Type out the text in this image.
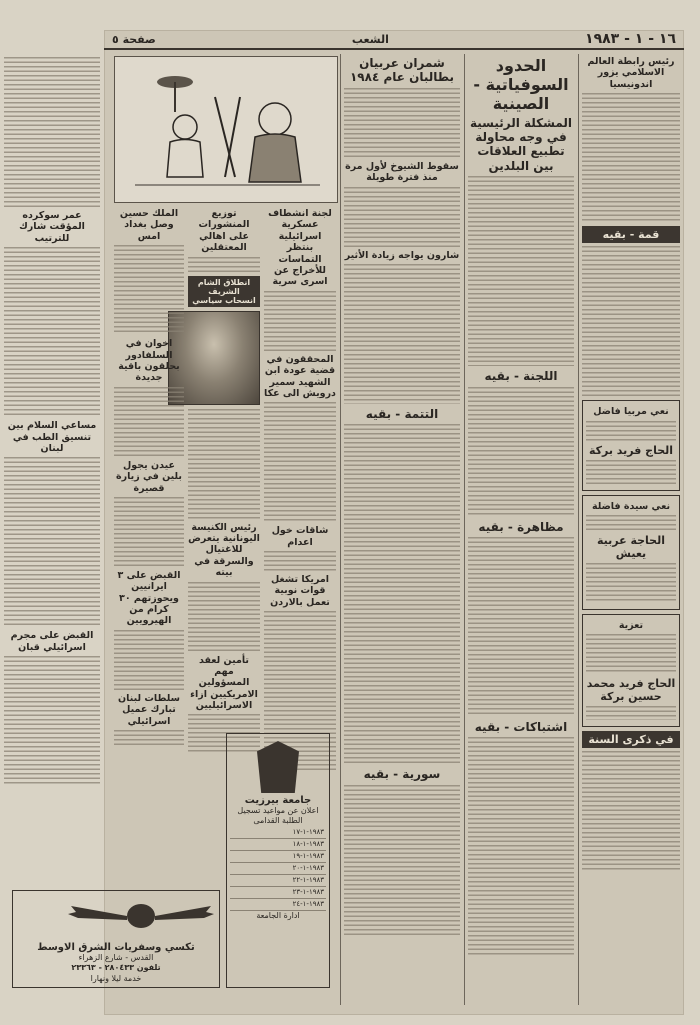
١٦ - ١ - ١٩٨٣
الشعب
صفحة ٥
رئيس رابطة العالم الاسلامي يزور اندونيسيا
قمة - بقيه
نعي مربيا فاضل
الحاج فريد بركة
نعي سيدة فاضلة
الحاجة عربية يعيش
تعزية
الحاج فريد محمد حسين بركة
في ذكرى السنة
الحدود السوفياتية - الصينية
المشكلة الرئيسية في وجه محاولة تطبيع العلاقات بين البلدين
اللجنة - بقيه
مظاهرة - بقيه
اشتباكات - بقيه
شمران عربيان بطالبان عام ١٩٨٤
سقوط الشيوخ لأول مرة منذ فترة طويلة
شارون يواجه زيادة الأثير
التتمة - بقيه
سورية - بقيه
لجنة انشطاف عسكرية اسرائيلية بنتظر التماسات للأخراج عن اسرى سرية
المحققون في قضية عودة ابن الشهيد سمير درويش الى عكا
شاقات خول اعدام
امريكا تشغل قوات نوبية تعمل بالاردن
توزيع المنشورات على اهالي المعتقلين
انطلاق الشام الشريف انسحاب سياسي
رئيس الكنيسة اليونانية يتعرض للاغتيال والسرقة في بيته
تأمين لعقد مهم المسؤولين الامريكيين ازاء الاسرائيليين
الملك حسين وصل بغداد امس
اخوان في السلفادور بحلقون باقية جديدة
عيدن يجول بلين في زيارة قصيرة
القبض على ٣ ايرانيين ويحوزتهم ٣٠ كرام من الهيرويين
سلطات لبنان تبارك عميل اسرائيلي
عمر سوكرده المؤقت شارك للترتيب
مساعي السلام بين تنسيق الطب في لبنان
القبض على مجرم اسرائيلي قبان
جامعة بيرزيت
اعلان عن مواعيد تسجيل الطلبة القدامى
١٩٨٣-١-١٧
١٩٨٣-١-١٨
١٩٨٣-١-١٩
١٩٨٣-١-٢٠
١٩٨٣-١-٢٢
١٩٨٣-١-٢٣
١٩٨٣-١-٢٤
ادارة الجامعة
تكسي وسفريات الشرق الاوسط
القدس - شارع الزهراء
تلفون ٢٨٠٤٣٣ - ٢٣٣٦٣
خدمة ليلا ونهارا
